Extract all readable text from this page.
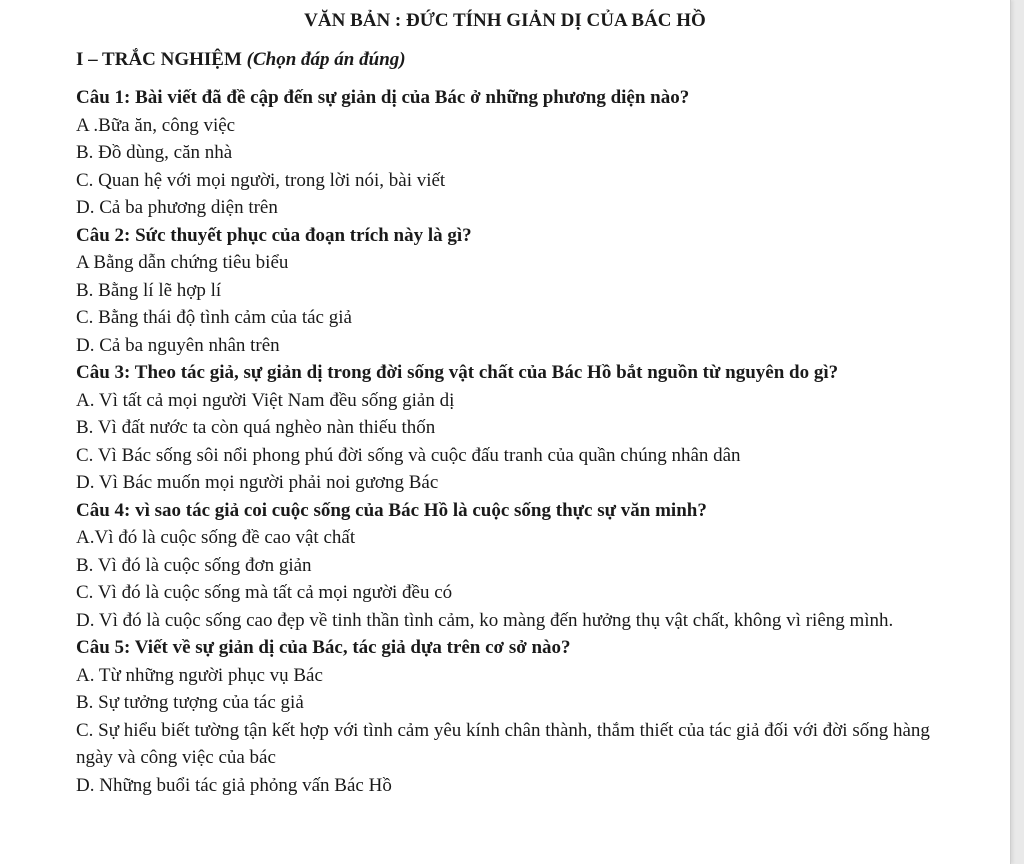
VĂN BẢN : ĐỨC TÍNH GIẢN DỊ CỦA BÁC HỒ
I – TRẮC NGHIỆM (Chọn đáp án đúng)

Câu 1: Bài viết đã đề cập đến sự giản dị của Bác ở những phương diện nào?

A .Bữa ăn, công việc

B. Đồ dùng, căn nhà

C. Quan hệ với mọi người, trong lời nói, bài viết

D. Cả ba phương diện trên

Câu 2: Sức thuyết phục của đoạn trích này là gì?

A Bằng dẫn chứng tiêu biểu

B. Bằng lí lẽ hợp lí

C. Bằng thái độ tình cảm của tác giả

D. Cả ba nguyên nhân trên

Câu 3: Theo tác giả, sự giản dị trong đời sống vật chất của Bác Hồ bắt nguồn từ nguyên do gì?

A. Vì tất cả mọi người Việt Nam đều sống giản dị

B. Vì đất nước ta còn quá nghèo nàn thiếu thốn

C. Vì Bác sống sôi nổi phong phú đời sống và cuộc đấu tranh của quần chúng nhân dân

D. Vì Bác muốn mọi người phải noi gương Bác

Câu 4: vì sao tác giả coi cuộc sống của Bác Hồ là cuộc sống thực sự văn minh?

A.Vì đó là cuộc sống đề cao vật chất

B. Vì đó là cuộc sống đơn giản

C. Vì đó là cuộc sống mà tất cả mọi người đều có

D. Vì đó là cuộc sống cao đẹp về tinh thần tình cảm, ko màng đến hưởng thụ vật chất, không vì riêng mình.

Câu 5: Viết về sự giản dị của Bác, tác giả dựa trên cơ sở nào?

A. Từ những người phục vụ Bác

B. Sự tưởng tượng của tác giả

C. Sự hiểu biết tường tận kết hợp với tình cảm yêu kính chân thành, thắm thiết của tác giả đối với đời sống hàng ngày và công việc của bác

D. Những buổi tác giả phỏng vấn Bác Hồ
